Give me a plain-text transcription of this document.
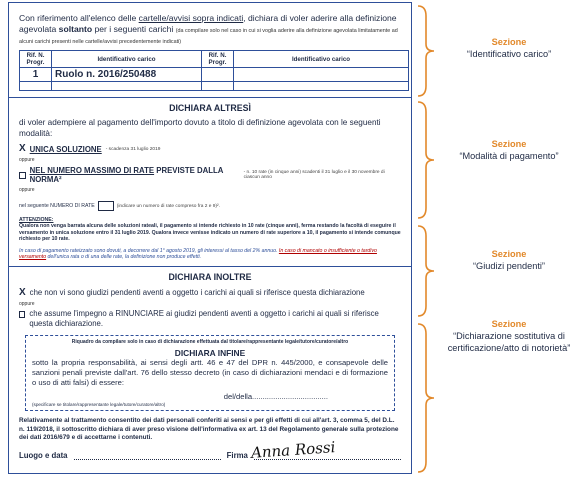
Con riferimento all'elenco delle cartelle/avvisi sopra indicati, dichiara di voler aderire alla definizione agevolata soltanto per i seguenti carichi (da compilare solo nel caso in cui si voglia aderire alla definizione agevolata limitatamente ad alcuni carichi presenti nelle cartelle/avvisi precedentemente indicati)
Rif. N. Progr.	Identificativo carico	Rif. N. Progr.	Identificativo carico
1	Ruolo n. 2016/250488		

DICHIARA ALTRESÌ
di voler adempiere al pagamento dell'importo dovuto a titolo di definizione agevolata con le seguenti modalità:
X UNICA SOLUZIONE - scadenza 31 luglio 2019
oppure
NEL NUMERO MASSIMO DI RATE PREVISTE DALLA NORMA²
- n. 10 rate (in cinque anni) scadenti il 31 luglio e il 30 novembre di ciascun anno
oppure
nel seguente NUMERO DI RATE	(indicare un numero di rate compreso fra 2 e 9)².
ATTENZIONE:
Qualora non venga barrata alcuna delle soluzioni rateali, il pagamento si intende richiesto in 10 rate (cinque anni), ferma restando la facoltà di eseguire il versamento in unica soluzione entro il 31 luglio 2019. Qualora invece venisse indicato un numero di rate superiore a 10, il pagamento si intende comunque richiesto per 10 rate.
In caso di pagamento rateizzato sono dovuti, a decorrere dal 1° agosto 2019, gli interessi al tasso del 2% annuo. In caso di mancato o insufficiente o tardivo versamento dell'unica rata o di una delle rate, la definizione non produce effetti.
DICHIARA INOLTRE
X che non vi sono giudizi pendenti aventi a oggetto i carichi ai quali si riferisce questa dichiarazione
oppure
che assume l'impegno a RINUNCIARE ai giudizi pendenti aventi a oggetto i carichi ai quali si riferisce questa dichiarazione.
Riquadro da compilare solo in caso di dichiarazione effettuata dal titolare/rappresentante legale/tutore/curatore/altro
DICHIARA INFINE
sotto la propria responsabilità, ai sensi degli artt. 46 e 47 del DPR n. 445/2000, e consapevole delle sanzioni penali previste dall'art. 76 dello stesso decreto (in caso di dichiarazioni mendaci e di formazione o uso di atti falsi) di essere:
del/della....................................
(specificare se titolare/rappresentante legale/tutore/curatore/altro)
Relativamente al trattamento consentito dei dati personali conferiti ai sensi e per gli effetti di cui all'art. 3, comma 5, del D.L. n. 119/2018, il sottoscritto dichiara di aver preso visione dell'informativa ex art. 13 del Regolamento generale sulla protezione dei dati 2016/679 e di accettarne i contenuti.
Luogo e data	Firma Anna Rossi
Sezione
“Identificativo carico”
Sezione
“Modalità di pagamento”
Sezione
“Giudizi pendenti”
Sezione
“Dichiarazione sostitutiva di certificazione/atto di notorietà”
